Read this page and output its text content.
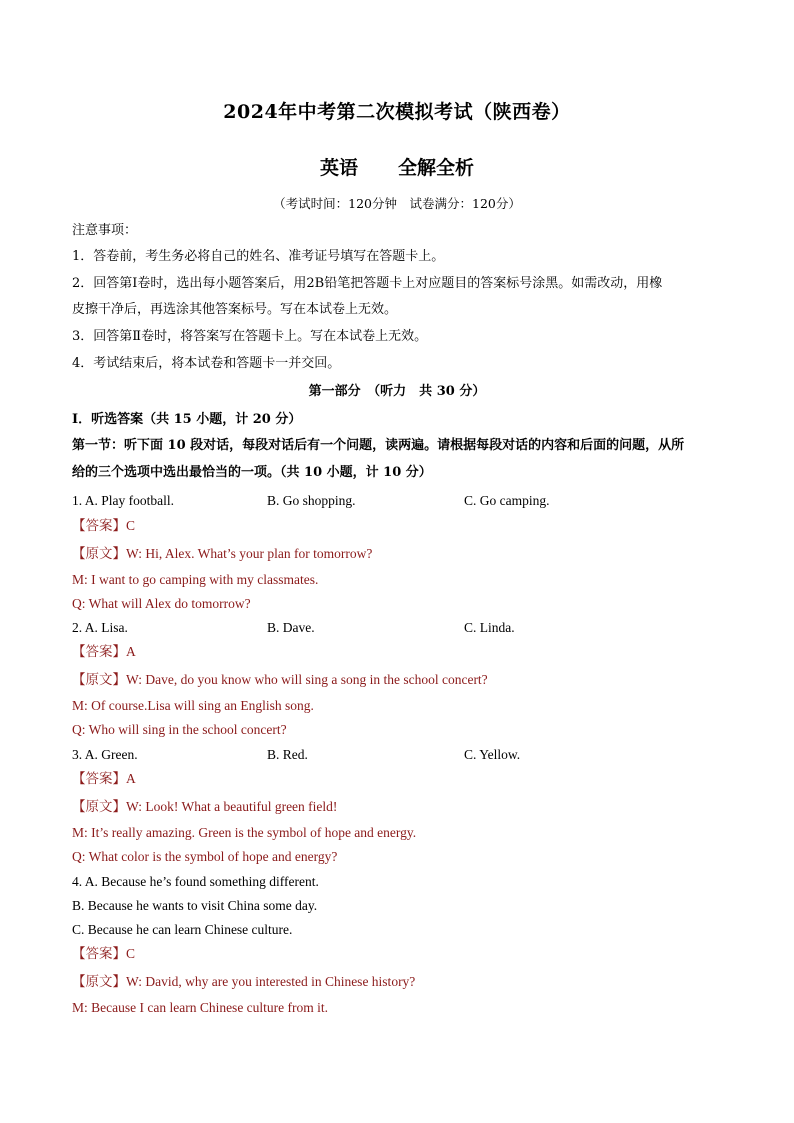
2024年中考第二次模拟考试（陕西卷）
英语 全解全析
（考试时间：120分钟　试卷满分：120分）
注意事项：
1．答卷前，考生务必将自己的姓名、准考证号填写在答题卡上。
2．回答第Ⅰ卷时，选出每小题答案后，用2B铅笔把答题卡上对应题目的答案标号涂黑。如需改动，用橡
皮擦干净后，再选涂其他答案标号。写在本试卷上无效。
3．回答第Ⅱ卷时，将答案写在答题卡上。写在本试卷上无效。
4．考试结束后，将本试卷和答题卡一并交回。
第一部分　（听力　共 30 分）
Ⅰ．听选答案（共 15 小题，计 20 分）
第一节：听下面 10 段对话，每段对话后有一个问题，读两遍。请根据每段对话的内容和后面的问题，从所
给的三个选项中选出最恰当的一项。（共 10 小题，计 10 分）
1. A. Play football.	B. Go shopping.	C. Go camping.
【答案】C
【原文】W: Hi, Alex. What’s your plan for tomorrow?
M: I want to go camping with my classmates.
Q: What will Alex do tomorrow?
2. A. Lisa.	B. Dave.	C. Linda.
【答案】A
【原文】W: Dave, do you know who will sing a song in the school concert?
M: Of course.Lisa will sing an English song.
Q: Who will sing in the school concert?
3. A. Green.	B. Red.	C. Yellow.
【答案】A
【原文】W: Look! What a beautiful green field!
M: It’s really amazing. Green is the symbol of hope and energy.
Q: What color is the symbol of hope and energy?
4. A. Because he’s found something different.
B. Because he wants to visit China some day.
C. Because he can learn Chinese culture.
【答案】C
【原文】W: David, why are you interested in Chinese history?
M: Because I can learn Chinese culture from it.
